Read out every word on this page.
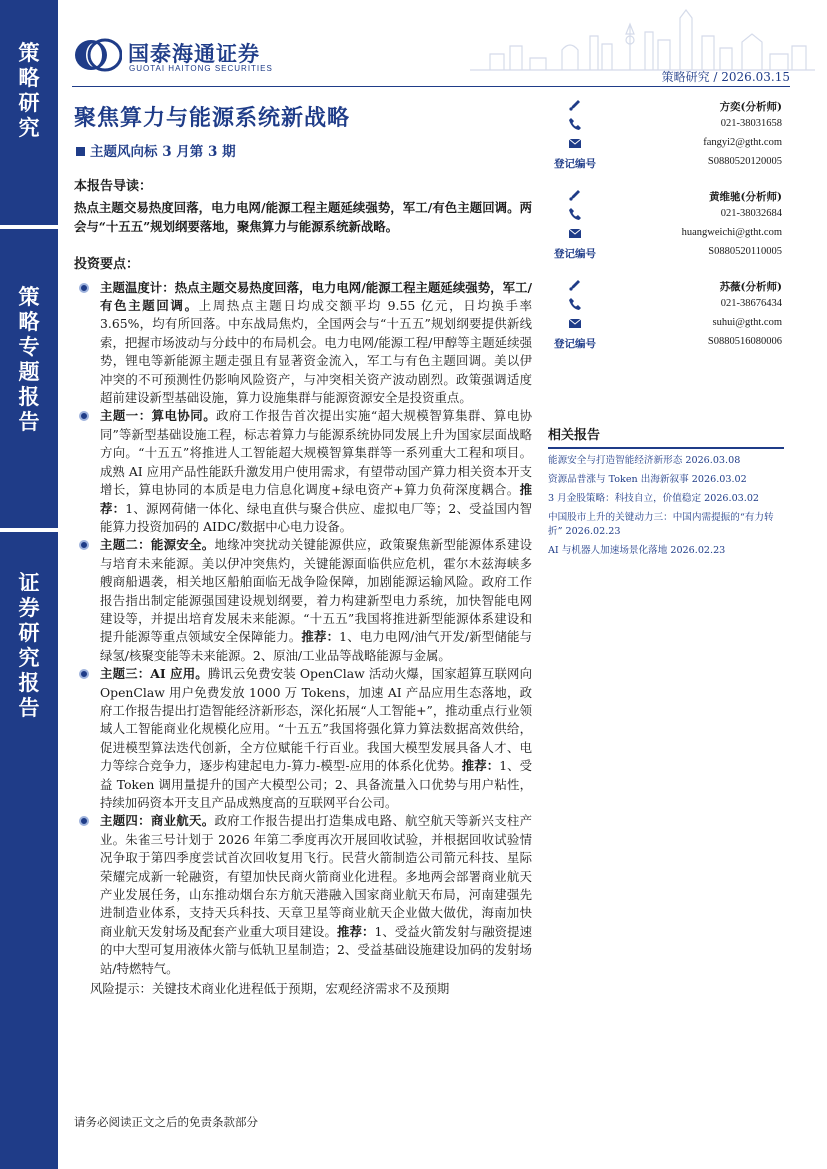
策
略
研
究
策
略
专
题
报
告
证
券
研
究
报
告
国泰海通证券
GUOTAI HAITONG SECURITIES
策略研究 / 2026.03.15
聚焦算力与能源系统新战略
主题风向标 3 月第 3 期
本报告导读：
热点主题交易热度回落，电力电网/能源工程主题延续强势，军工/有色主题回调。两会与“十五五”规划纲要落地，聚焦算力与能源系统新战略。
投资要点：
主题温度计：热点主题交易热度回落，电力电网/能源工程主题延续强势，军工/有色主题回调。上周热点主题日均成交额平均 9.55 亿元，日均换手率 3.65%，均有所回落。中东战局焦灼，全国两会与“十五五”规划纲要提供新线索，把握市场波动与分歧中的布局机会。电力电网/能源工程/甲醇等主题延续强势，锂电等新能源主题走强且有显著资金流入，军工与有色主题回调。美以伊冲突的不可预测性仍影响风险资产，与冲突相关资产波动剧烈。政策强调适度超前建设新型基础设施，算力设施集群与能源资源安全是投资重点。
主题一：算电协同。政府工作报告首次提出实施“超大规模智算集群、算电协同”等新型基础设施工程，标志着算力与能源系统协同发展上升为国家层面战略方向。“十五五”将推进人工智能超大规模智算集群等一系列重大工程和项目。成熟 AI 应用产品性能跃升激发用户使用需求，有望带动国产算力相关资本开支增长，算电协同的本质是电力信息化调度+绿电资产+算力负荷深度耦合。推荐：1、源网荷储一体化、绿电直供与聚合供应、虚拟电厂等；2、受益国内智能算力投资加码的 AIDC/数据中心电力设备。
主题二：能源安全。地缘冲突扰动关键能源供应，政策聚焦新型能源体系建设与培育未来能源。美以伊冲突焦灼，关键能源面临供应危机，霍尔木兹海峡多艘商船遇袭，相关地区船舶面临无战争险保障，加剧能源运输风险。政府工作报告指出制定能源强国建设规划纲要，着力构建新型电力系统，加快智能电网建设等，并提出培育发展未来能源。“十五五”我国将推进新型能源体系建设和提升能源等重点领域安全保障能力。推荐：1、电力电网/油气开发/新型储能与绿氢/核聚变能等未来能源。2、原油/工业品等战略能源与金属。
主题三：AI 应用。腾讯云免费安装 OpenClaw 活动火爆，国家超算互联网向 OpenClaw 用户免费发放 1000 万 Tokens，加速 AI 产品应用生态落地，政府工作报告提出打造智能经济新形态，深化拓展“人工智能+”，推动重点行业领域人工智能商业化规模化应用。“十五五”我国将强化算力算法数据高效供给，促进模型算法迭代创新，全方位赋能千行百业。我国大模型发展具备人才、电力等综合竞争力，逐步构建起电力-算力-模型-应用的体系化优势。推荐：1、受益 Token 调用量提升的国产大模型公司；2、具备流量入口优势与用户粘性，持续加码资本开支且产品成熟度高的互联网平台公司。
主题四：商业航天。政府工作报告提出打造集成电路、航空航天等新兴支柱产业。朱雀三号计划于 2026 年第二季度再次开展回收试验，并根据回收试验情况争取于第四季度尝试首次回收复用飞行。民营火箭制造公司箭元科技、星际荣耀完成新一轮融资，有望加快民商火箭商业化进程。多地两会部署商业航天产业发展任务，山东推动烟台东方航天港融入国家商业航天布局，河南建强先进制造业体系，支持天兵科技、天章卫星等商业航天企业做大做优，海南加快商业航天发射场及配套产业重大项目建设。推荐：1、受益火箭发射与融资提速的中大型可复用液体火箭与低轨卫星制造；2、受益基础设施建设加码的发射场站/特燃特气。
风险提示：关键技术商业化进程低于预期，宏观经济需求不及预期
请务必阅读正文之后的免责条款部分
方奕(分析师)
021-38031658
fangyi2@gtht.com
登记编号	S0880520120005
黄维驰(分析师)
021-38032684
huangweichi@gtht.com
登记编号	S0880520110005
苏薇(分析师)
021-38676434
suhui@gtht.com
登记编号	S0880516080006
相关报告
能源安全与打造智能经济新形态 2026.03.08
资源品普涨与 Token 出海新叙事 2026.03.02
3 月金股策略：科技自立，价值稳定 2026.03.02
中国股市上升的关键动力三：中国内需提振的“有力转折” 2026.02.23
AI 与机器人加速场景化落地 2026.02.23
